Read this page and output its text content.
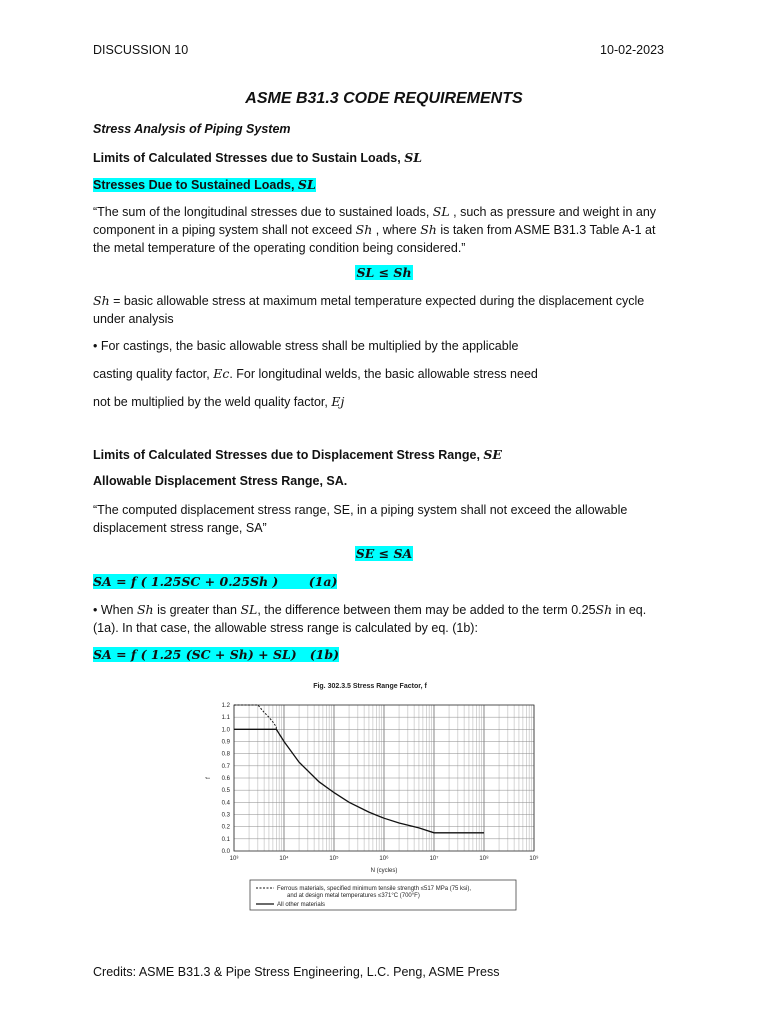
DISCUSSION 10	10-02-2023
ASME B31.3 CODE REQUIREMENTS
Stress Analysis of Piping System
Limits of Calculated Stresses due to Sustain Loads, SL
Stresses Due to Sustained Loads, SL
“The sum of the longitudinal stresses due to sustained loads, SL , such as pressure and weight in any
component in a piping system shall not exceed Sh , where Sh is taken from ASME B31.3 Table A-1 at
the metal temperature of the operating condition being considered.”
SL ≤ Sh
Sh = basic allowable stress at maximum metal temperature expected during the displacement cycle
under analysis
• For castings, the basic allowable stress shall be multiplied by the applicable
casting quality factor, Ec. For longitudinal welds, the basic allowable stress need
not be multiplied by the weld quality factor, Ej
Limits of Calculated Stresses due to Displacement Stress Range, SE
Allowable Displacement Stress Range, SA.
“The computed displacement stress range, SE, in a piping system shall not exceed the allowable
displacement stress range, SA”
SE ≤ SA
SA = f ( 1.25SC + 0.25Sh )       (1a)
• When Sh is greater than SL, the difference between them may be added to the term 0.25Sh in eq.
(1a). In that case, the allowable stress range is calculated by eq. (1b):
SA = f ( 1.25 (SC + Sh) + SL)   (1b)
Fig. 302.3.5 Stress Range Factor, f
0.0
0.1
0.2
0.3
0.4
0.5
0.6
0.7
0.8
0.9
1.0
1.1
1.2
10³	10⁴	10⁵	10⁶	10⁷	10⁸	10⁹
f
N (cycles)
Ferrous materials, specified minimum tensile strength ≤517 MPa (75 ksi),
and at design metal temperatures ≤371°C (700°F)
All other materials
Credits: ASME B31.3 & Pipe Stress Engineering, L.C. Peng, ASME Press
